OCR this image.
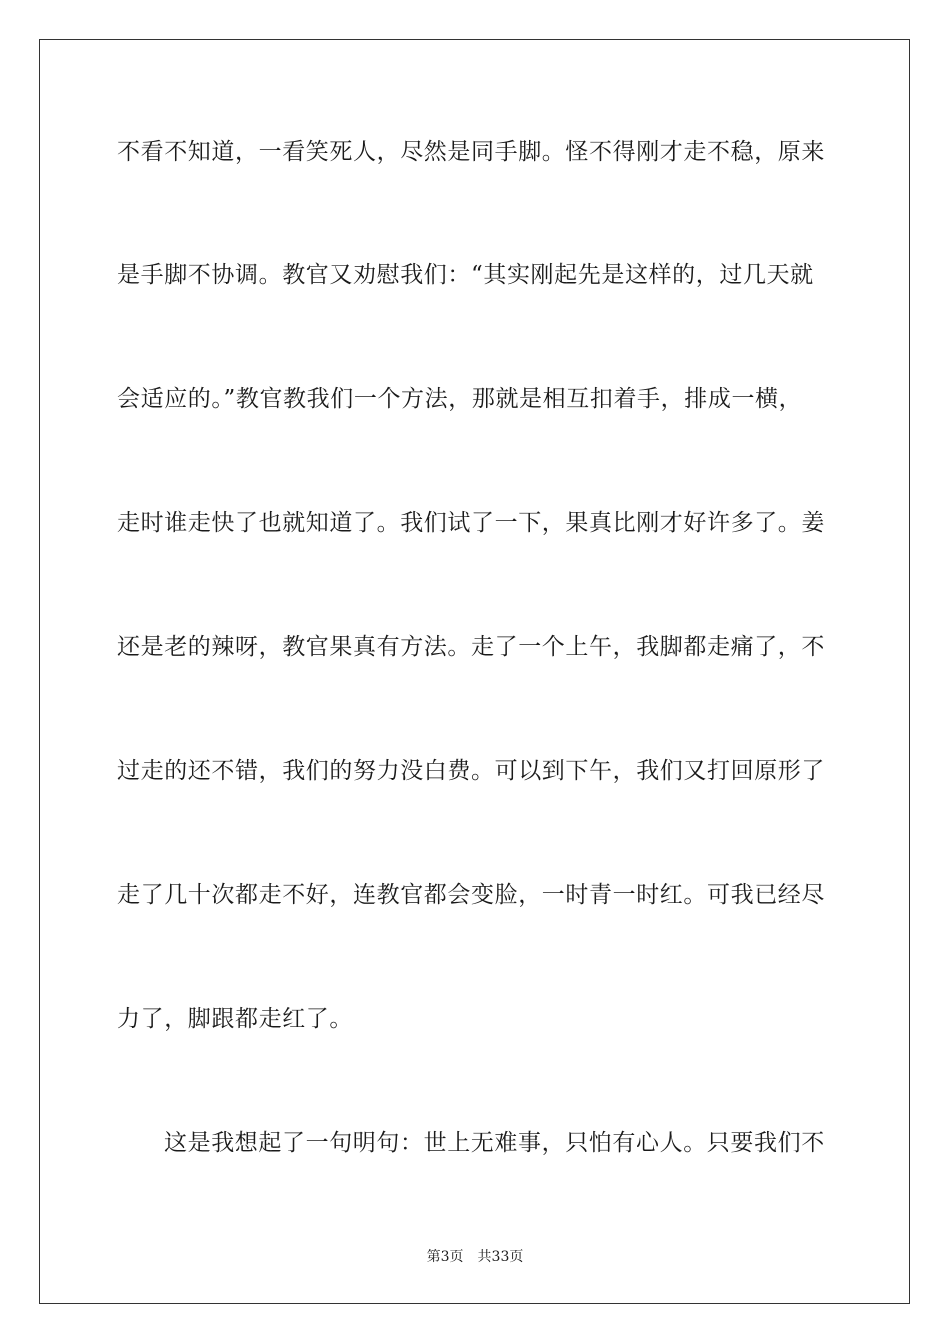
不看不知道，一看笑死人，尽然是同手脚。怪不得刚才走不稳，原来
是手脚不协调。教官又劝慰我们：“其实刚起先是这样的，过几天就
会适应的。”教官教我们一个方法，那就是相互扣着手，排成一横，
走时谁走快了也就知道了。我们试了一下，果真比刚才好许多了。姜
还是老的辣呀，教官果真有方法。走了一个上午，我脚都走痛了，不
过走的还不错，我们的努力没白费。可以到下午，我们又打回原形了
走了几十次都走不好，连教官都会变脸，一时青一时红。可我已经尽
力了，脚跟都走红了。
这是我想起了一句明句：世上无难事，只怕有心人。只要我们不
第3页 共33页
